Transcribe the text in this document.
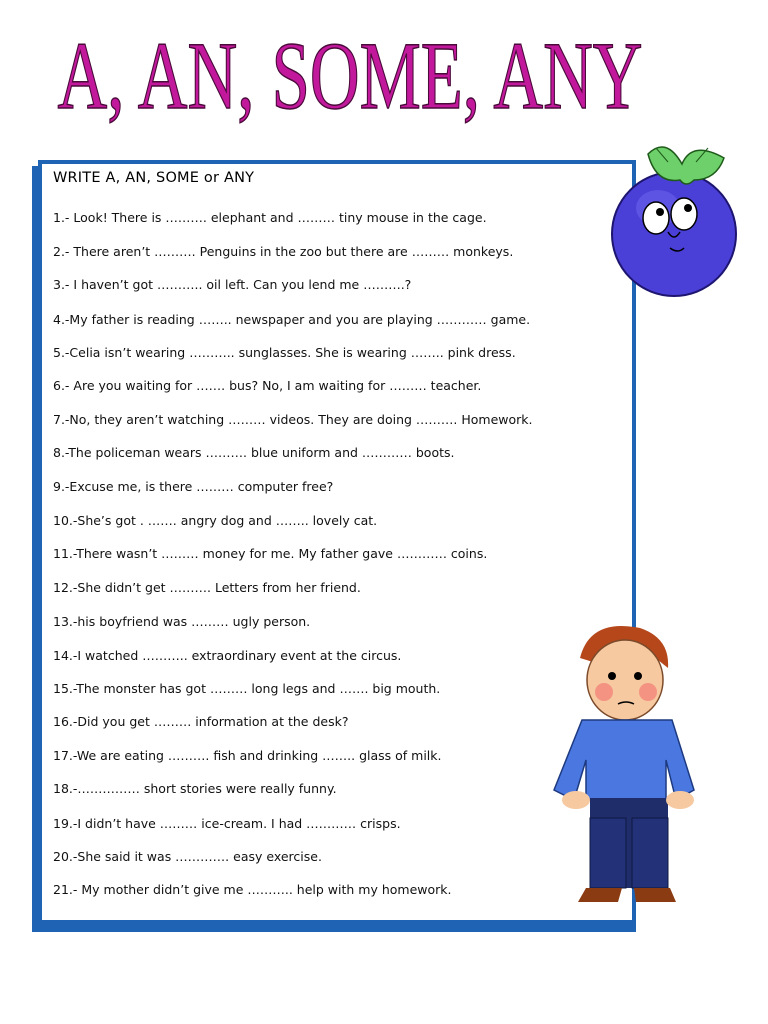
A, AN, SOME, ANY
WRITE A, AN, SOME or ANY
1.- Look! There is ………. elephant and ……… tiny mouse in the cage.
2.- There aren’t ………. Penguins in the zoo but there are ……… monkeys.
3.- I haven’t got ……….. oil left. Can you lend me ……….?
4.-My father is reading …….. newspaper and you are playing ………… game.
5.-Celia isn’t wearing ……….. sunglasses. She is wearing …….. pink dress.
6.- Are you waiting for ……. bus? No, I am waiting for ……… teacher.
7.-No, they aren’t watching ……… videos. They are doing ………. Homework.
8.-The policeman wears ………. blue uniform and ………… boots.
9.-Excuse me, is there ……… computer free?
10.-She’s got . ……. angry dog and …….. lovely cat.
11.-There wasn’t ……… money for me. My father gave ………… coins.
12.-She didn’t get ………. Letters from her friend.
13.-his boyfriend was ……… ugly person.
14.-I watched ……….. extraordinary event at the circus.
15.-The monster has got ……… long legs and ……. big mouth.
16.-Did you get ……… information at the desk?
17.-We are eating ………. fish and drinking …….. glass of milk.
18.-…………… short stories were really funny.
19.-I didn’t have ……… ice-cream. I had ………… crisps.
20.-She said it was …………. easy exercise.
21.- My mother didn’t give me ……….. help with my homework.
